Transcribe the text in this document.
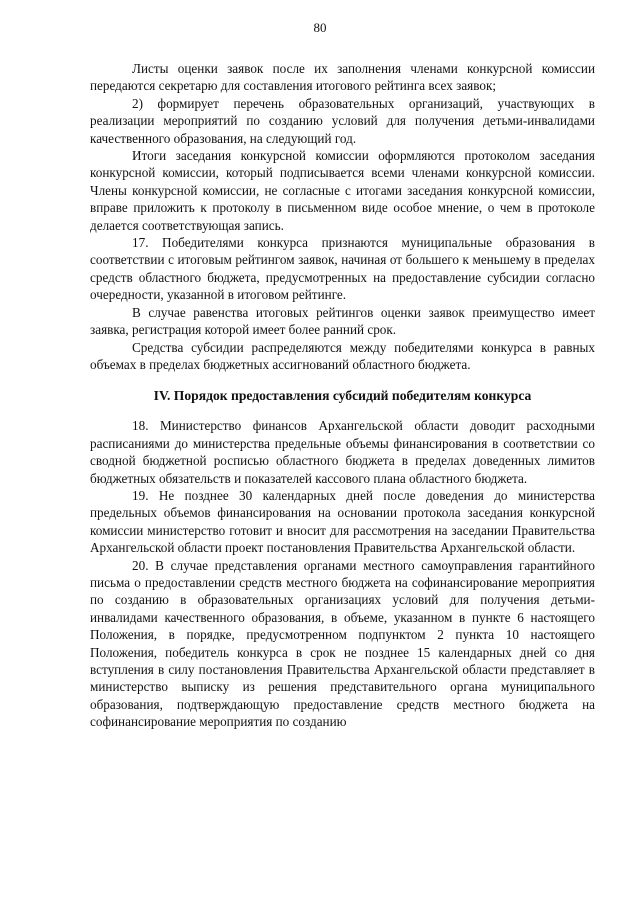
80

Листы оценки заявок после их заполнения членами конкурсной комиссии передаются секретарю для составления итогового рейтинга всех заявок;

2) формирует перечень образовательных организаций, участвующих в реализации мероприятий по созданию условий для получения детьми-инвалидами качественного образования, на следующий год.

Итоги заседания конкурсной комиссии оформляются протоколом заседания конкурсной комиссии, который подписывается всеми членами конкурсной комиссии. Члены конкурсной комиссии, не согласные с итогами заседания конкурсной комиссии, вправе приложить к протоколу в письменном виде особое мнение, о чем в протоколе делается соответствующая запись.

17. Победителями конкурса признаются муниципальные образования в соответствии с итоговым рейтингом заявок, начиная от большего к меньшему в пределах средств областного бюджета, предусмотренных на предоставление субсидии согласно очередности, указанной в итоговом рейтинге.

В случае равенства итоговых рейтингов оценки заявок преимущество имеет заявка, регистрация которой имеет более ранний срок.

Средства субсидии распределяются между победителями конкурса в равных объемах в пределах бюджетных ассигнований областного бюджета.

IV. Порядок предоставления субсидий победителям конкурса

18. Министерство финансов Архангельской области доводит расходными расписаниями до министерства предельные объемы финансирования в соответствии со сводной бюджетной росписью областного бюджета в пределах доведенных лимитов бюджетных обязательств и показателей кассового плана областного бюджета.

19. Не позднее 30 календарных дней после доведения до министерства предельных объемов финансирования на основании протокола заседания конкурсной комиссии министерство готовит и вносит для рассмотрения на заседании Правительства Архангельской области проект постановления Правительства Архангельской области.

20. В случае представления органами местного самоуправления гарантийного письма о предоставлении средств местного бюджета на софинансирование мероприятия по созданию в образовательных организациях условий для получения детьми-инвалидами качественного образования, в объеме, указанном в пункте 6 настоящего Положения, в порядке, предусмотренном подпунктом 2 пункта 10 настоящего Положения, победитель конкурса в срок не позднее 15 календарных дней со дня вступления в силу постановления Правительства Архангельской области представляет в министерство выписку из решения представительного органа муниципального образования, подтверждающую предоставление средств местного бюджета на софинансирование мероприятия по созданию
